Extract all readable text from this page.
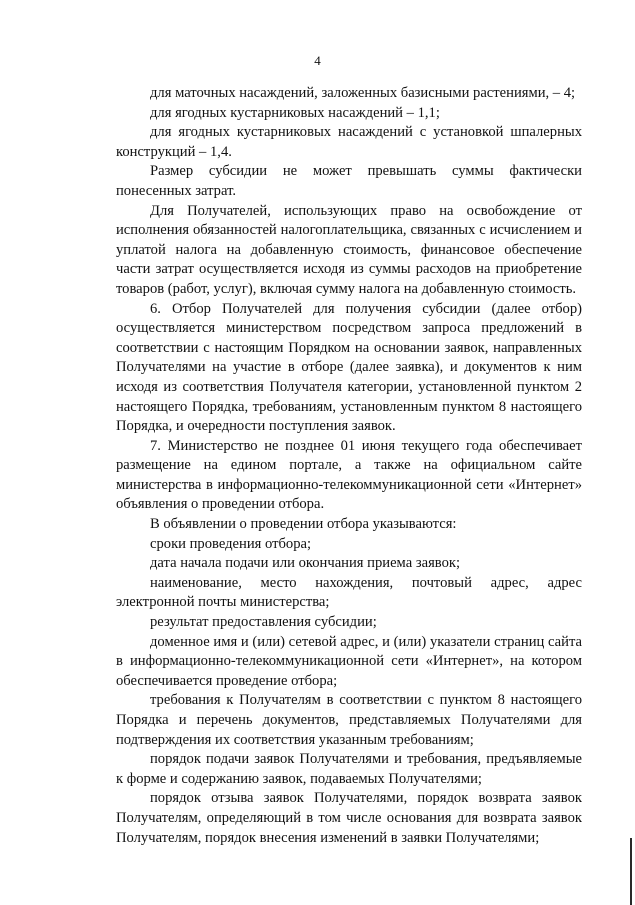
4

для маточных насаждений, заложенных базисными растениями, – 4;

для ягодных кустарниковых насаждений – 1,1;

для ягодных кустарниковых насаждений с установкой шпалерных конструкций – 1,4.

Размер субсидии не может превышать суммы фактически понесенных затрат.

Для Получателей, использующих право на освобождение от исполнения обязанностей налогоплательщика, связанных с исчислением и уплатой налога на добавленную стоимость, финансовое обеспечение части затрат осуществляется исходя из суммы расходов на приобретение товаров (работ, услуг), включая сумму налога на добавленную стоимость.

6. Отбор Получателей для получения субсидии (далее отбор) осуществляется министерством посредством запроса предложений в соответствии с настоящим Порядком на основании заявок, направленных Получателями на участие в отборе (далее заявка), и документов к ним исходя из соответствия Получателя категории, установленной пунктом 2 настоящего Порядка, требованиям, установленным пунктом 8 настоящего Порядка, и очередности поступления заявок.

7. Министерство не позднее 01 июня текущего года обеспечивает размещение на едином портале, а также на официальном сайте министерства в информационно-телекоммуникационной сети «Интернет» объявления о проведении отбора.

В объявлении о проведении отбора указываются:

сроки проведения отбора;

дата начала подачи или окончания приема заявок;

наименование, место нахождения, почтовый адрес, адрес электронной почты министерства;

результат предоставления субсидии;

доменное имя и (или) сетевой адрес, и (или) указатели страниц сайта в информационно-телекоммуникационной сети «Интернет», на котором обеспечивается проведение отбора;

требования к Получателям в соответствии с пунктом 8 настоящего Порядка и перечень документов, представляемых Получателями для подтверждения их соответствия указанным требованиям;

порядок подачи заявок Получателями и требования, предъявляемые к форме и содержанию заявок, подаваемых Получателями;

порядок отзыва заявок Получателями, порядок возврата заявок Получателям, определяющий в том числе основания для возврата заявок Получателям, порядок внесения изменений в заявки Получателями;
